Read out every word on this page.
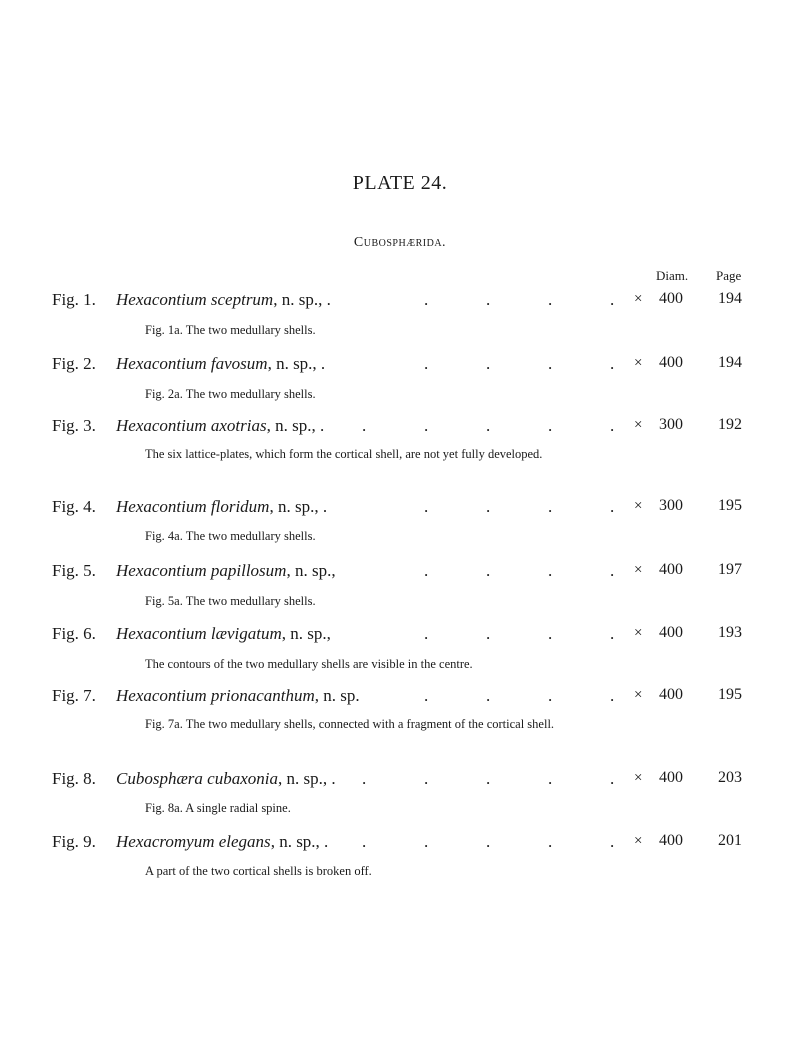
PLATE 24.
Cubosphærida.
Diam. Page
Fig. 1. Hexacontium sceptrum, n. sp., .	.	.	.	. × 400 194
Fig. 1a. The two medullary shells.
Fig. 2. Hexacontium favosum, n. sp., .	.	.	.	. × 400 194
Fig. 2a. The two medullary shells.
Fig. 3. Hexacontium axotrias, n. sp., . .	.	.	.	. × 300 192
The six lattice-plates, which form the cortical shell, are not yet fully developed.
Fig. 4. Hexacontium floridum, n. sp., .	.	.	.	. × 300 195
Fig. 4a. The two medullary shells.
Fig. 5. Hexacontium papillosum, n. sp.,	.	.	.	. × 400 197
Fig. 5a. The two medullary shells.
Fig. 6. Hexacontium lævigatum, n. sp.,	.	.	.	. × 400 193
The contours of the two medullary shells are visible in the centre.
Fig. 7. Hexacontium prionacanthum, n. sp.	.	.	.	. × 400 195
Fig. 7a. The two medullary shells, connected with a fragment of the cortical shell.
Fig. 8. Cubosphæra cubaxonia, n. sp., . .	.	.	.	. × 400 203
Fig. 8a. A single radial spine.
Fig. 9. Hexacromyum elegans, n. sp., . .	.	.	.	. × 400 201
A part of the two cortical shells is broken off.
